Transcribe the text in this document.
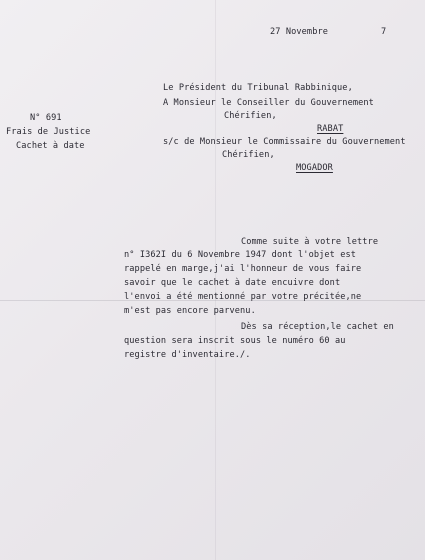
27 Novembre	7
Le Président du Tribunal Rabbinique,
A Monsieur le Conseiller du Gouvernement
Chérifien,
RABAT
s/c de Monsieur le Commissaire du Gouvernement
Chérifien,
MOGADOR
N° 691
Frais de Justice
Cachet à date
Comme suite à votre lettre
n° I362I du 6 Novembre 1947 dont l'objet est
rappelé en marge,j'ai l'honneur de vous faire
savoir que le cachet à date encuivre dont
l'envoi a été mentionné par votre précitée,ne
m'est pas encore parvenu.
Dès sa réception,le cachet en
question sera inscrit sous le numéro 60 au
registre d'inventaire./.
